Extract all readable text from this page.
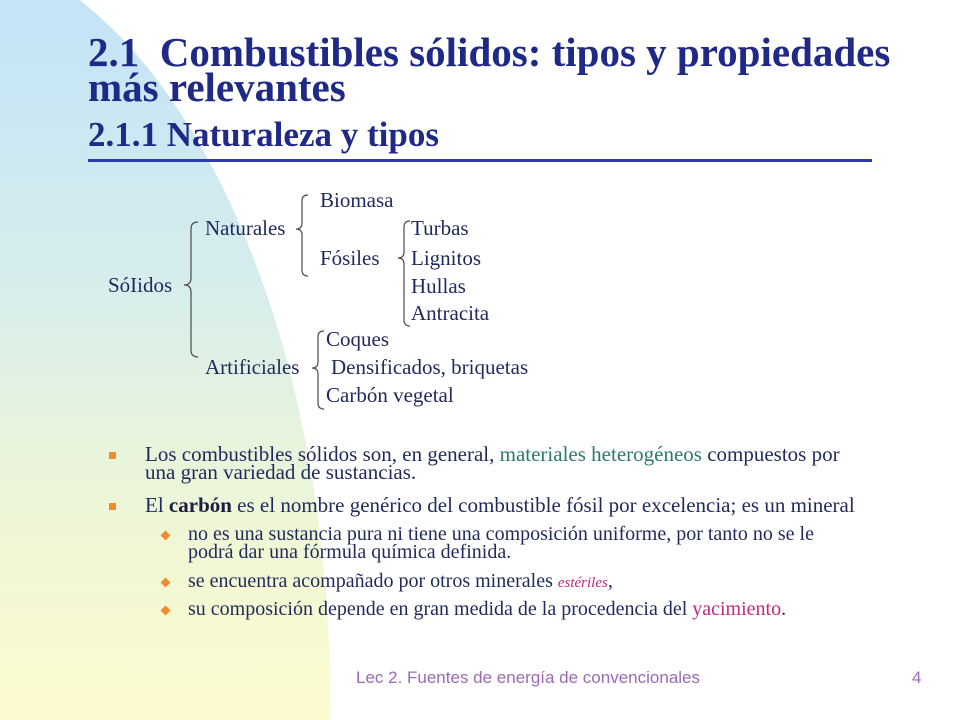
2.1  Combustibles sólidos: tipos y propiedades
más relevantes
2.1.1 Naturaleza y tipos
SóIidos
Naturales
Biomasa
Fósiles
Turbas
Lignitos
Hullas
Antracita
Artificiales
Coques
Densificados, briquetas
Carbón vegetal
Los combustibles sólidos son, en general, materiales heterogéneos compuestos por
una gran variedad de sustancias.
El carbón es el nombre genérico del combustible fósil por excelencia; es un mineral
no es una sustancia pura ni tiene una composición uniforme, por tanto no se le
podrá dar una fórmula química definida.
se encuentra acompañado por otros minerales estériles,
su composición depende en gran medida de la procedencia del yacimiento.
Lec 2. Fuentes de energía de convencionales	4
